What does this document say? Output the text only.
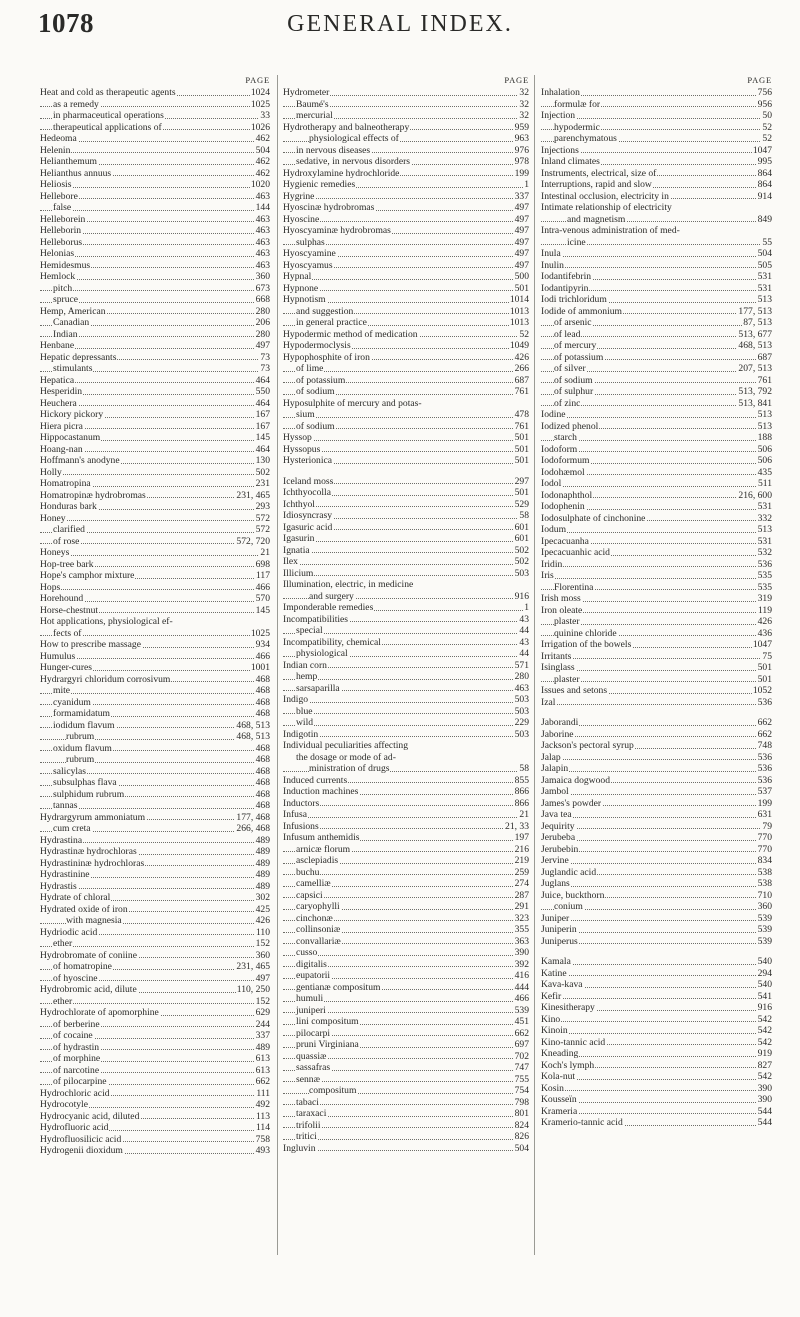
1078	GENERAL INDEX.
PAGE
Heat and cold as therapeutic agents	1024
as a remedy	1025
in pharmaceutical operations	33
therapeutical applications of	1026
Hedeoma	462
Helenin	504
Helianthemum	462
Helianthus annuus	462
Heliosis	1020
Hellebore	463
false	144
Helleborein	463
Helleborin	463
Helleborus	463
Helonias	463
Hemidesmus	463
Hemlock	360
pitch	673
spruce	668
Hemp, American	280
Canadian	206
Indian	280
Henbane	497
Hepatic depressants	73
stimulants	73
Hepatica	464
Hesperidin	550
Heuchera	464
Hickory pickory	167
Hiera picra	167
Hippocastanum	145
Hoang-nan	464
Hoffmann's anodyne	130
Holly	502
Homatropina	231
Homatropinæ hydrobromas	231, 465
Honduras bark	293
Honey	572
clarified	572
of rose	572, 720
Honeys	21
Hop-tree bark	698
Hope's camphor mixture	117
Hops	466
Horehound	570
Horse-chestnut	145
Hot applications, physiological ef-
fects of	1025
How to prescribe massage	934
Humulus	466
Hunger-cures	1001
Hydrargyri chloridum corrosivum	468
mite	468
cyanidum	468
formamidatum	468
iodidum flavum	468, 513
rubrum	468, 513
oxidum flavum	468
rubrum	468
salicylas	468
subsulphas flava	468
sulphidum rubrum	468
tannas	468
Hydrargyrum ammoniatum	177, 468
cum creta	266, 468
Hydrastina	489
Hydrastinæ hydrochloras	489
Hydrastininæ hydrochloras	489
Hydrastinine	489
Hydrastis	489
Hydrate of chloral	302
Hydrated oxide of iron	425
with magnesia	426
Hydriodic acid	110
ether	152
Hydrobromate of coniine	360
of homatropine	231, 465
of hyoscine	497
Hydrobromic acid, dilute	110, 250
ether	152
Hydrochlorate of apomorphine	629
of berberine	244
of cocaine	337
of hydrastin	489
of morphine	613
of narcotine	613
of pilocarpine	662
Hydrochloric acid	111
Hydrocotyle	492
Hydrocyanic acid, diluted	113
Hydrofluoric acid	114
Hydrofluosilicic acid	758
Hydrogenii dioxidum	493
PAGE
Hydrometer	32
Baumé's	32
mercurial	32
Hydrotherapy and balneotherapy	959
physiological effects of	963
in nervous diseases	976
sedative, in nervous disorders	978
Hydroxylamine hydrochloride	199
Hygienic remedies	1
Hygrine	337
Hyoscinæ hydrobromas	497
Hyoscine	497
Hyoscyaminæ hydrobromas	497
sulphas	497
Hyoscyamine	497
Hyoscyamus	497
Hypnal	500
Hypnone	501
Hypnotism	1014
and suggestion	1013
in general practice	1013
Hypodermic method of medication	52
Hypodermoclysis	1049
Hypophosphite of iron	426
of lime	266
of potassium	687
of sodium	761
Hyposulphite of mercury and potas-
sium	478
of sodium	761
Hyssop	501
Hyssopus	501
Hysterionica	501
Iceland moss	297
Ichthyocolla	501
Ichthyol	529
Idiosyncrasy	58
Igasuric acid	601
Igasurin	601
Ignatia	502
Ilex	502
Illicium	503
Illumination, electric, in medicine
and surgery	916
Imponderable remedies	1
Incompatibilities	43
special	44
Incompatibility, chemical	43
physiological	44
Indian corn	571
hemp	280
sarsaparilla	463
Indigo	503
blue	503
wild	229
Indigotin	503
Individual peculiarities affecting
the dosage or mode of ad-
ministration of drugs	58
Induced currents	855
Induction machines	866
Inductors	866
Infusa	21
Infusions	21, 33
Infusum anthemidis	197
arnicæ florum	216
asclepiadis	219
buchu	259
camelliæ	274
capsici	287
caryophylli	291
cinchonæ	323
collinsoniæ	355
convallariæ	363
cusso	390
digitalis	392
eupatorii	416
gentianæ compositum	444
humuli	466
juniperi	539
lini compositum	451
pilocarpi	662
pruni Virginiana	697
quassiæ	702
sassafras	747
sennæ	755
compositum	754
tabaci	798
taraxaci	801
trifolii	824
tritici	826
Ingluvin	504
PAGE
Inhalation	756
formulæ for	956
Injection	50
hypodermic	52
parenchymatous	52
Injections	1047
Inland climates	995
Instruments, electrical, size of	864
Interruptions, rapid and slow	864
Intestinal occlusion, electricity in	914
Intimate relationship of electricity
and magnetism	849
Intra-venous administration of med-
icine	55
Inula	504
Inulin	505
Iodantifebrin	531
Iodantipyrin	531
Iodi trichloridum	513
Iodide of ammonium	177, 513
of arsenic	87, 513
of lead	513, 677
of mercury	468, 513
of potassium	687
of silver	207, 513
of sodium	761
of sulphur	513, 792
of zinc	513, 841
Iodine	513
Iodized phenol	513
starch	188
Iodoform	506
Iodoformum	506
Iodohæmol	435
Iodol	511
Iodonaphthol	216, 600
Iodophenin	531
Iodosulphate of cinchonine	332
Iodum	513
Ipecacuanha	531
Ipecacuanhic acid	532
Iridin	536
Iris	535
Florentina	535
Irish moss	319
Iron oleate	119
plaster	426
quinine chloride	436
Irrigation of the bowels	1047
Irritants	75
Isinglass	501
plaster	501
Issues and setons	1052
Izal	536
Jaborandi	662
Jaborine	662
Jackson's pectoral syrup	748
Jalap	536
Jalapin	536
Jamaica dogwood	536
Jambol	537
James's powder	199
Java tea	631
Jequirity	79
Jerubeba	770
Jerubebin	770
Jervine	834
Juglandic acid	538
Juglans	538
Juice, buckthorn	710
conium	360
Juniper	539
Juniperin	539
Juniperus	539
Kamala	540
Katine	294
Kava-kava	540
Kefir	541
Kinesitherapy	916
Kino	542
Kinoin	542
Kino-tannic acid	542
Kneading	919
Koch's lymph	827
Kola-nut	542
Kosin	390
Kousseïn	390
Krameria	544
Kramerio-tannic acid	544
